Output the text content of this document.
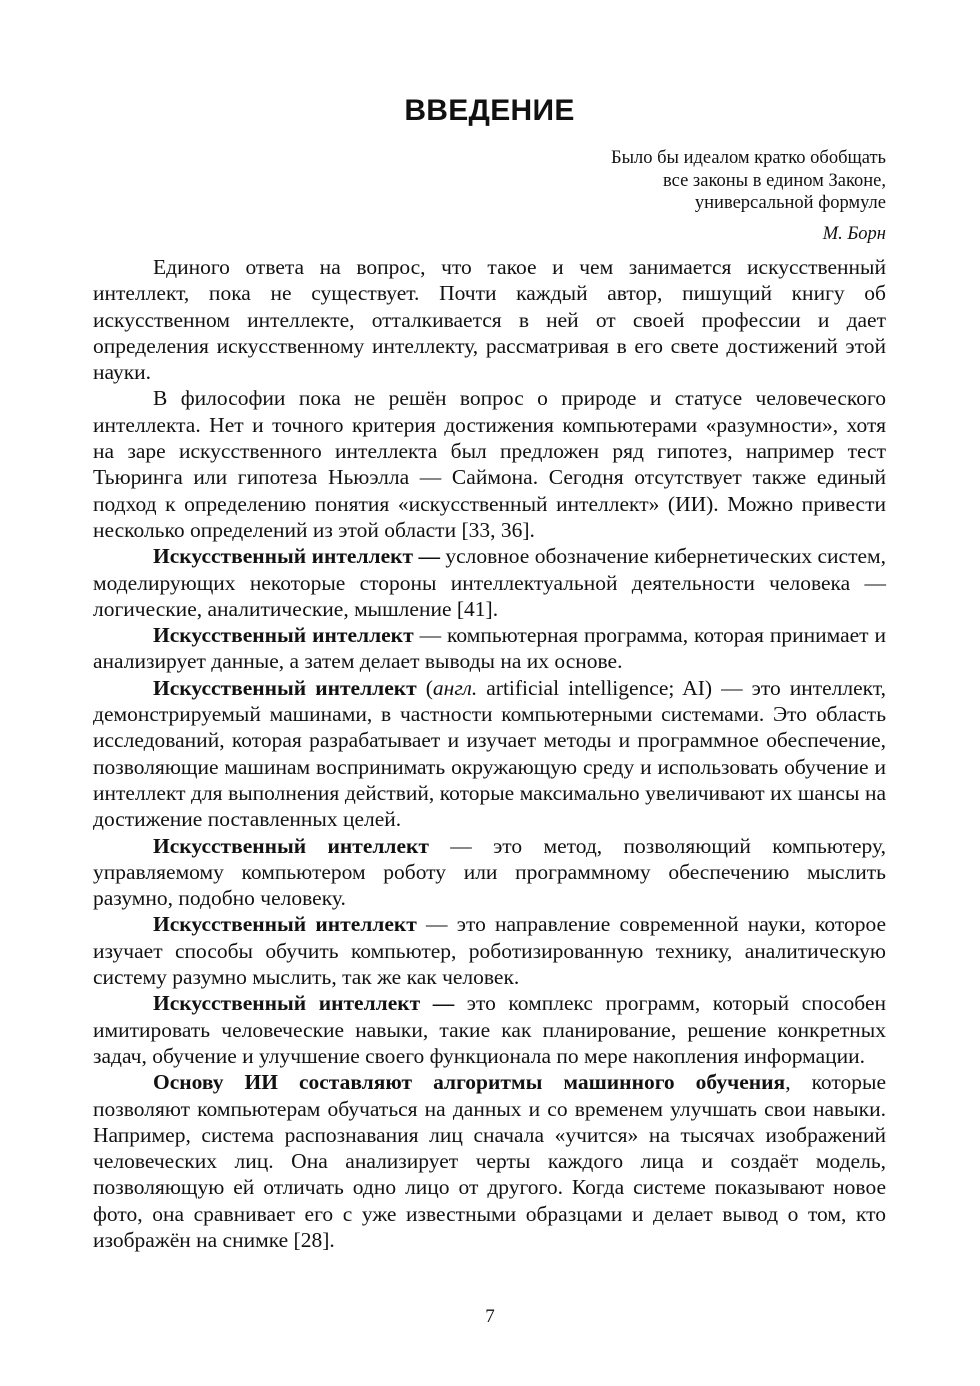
ВВЕДЕНИЕ
Было бы идеалом кратко обобщать
все законы в едином Законе,
универсальной формуле
М. Борн

Единого ответа на вопрос, что такое и чем занимается искусственный интеллект, пока не существует. Почти каждый автор, пишущий книгу об искусственном интеллекте, отталкивается в ней от своей профессии и дает определения искусственному интеллекту, рассматривая в его свете достижений этой науки.

В философии пока не решён вопрос о природе и статусе человеческого интеллекта. Нет и точного критерия достижения компьютерами «разумности», хотя на заре искусственного интеллекта был предложен ряд гипотез, например тест Тьюринга или гипотеза Ньюэлла — Саймона. Сегодня отсутствует также единый подход к определению понятия «искусственный интеллект» (ИИ). Можно привести несколько определений из этой области [33, 36].

Искусственный интеллект — условное обозначение кибернетических систем, моделирующих некоторые стороны интеллектуальной деятельности человека — логические, аналитические, мышление [41].

Искусственный интеллект — компьютерная программа, которая принимает и анализирует данные, а затем делает выводы на их основе.

Искусственный интеллект (англ. artificial intelligence; AI) — это интеллект, демонстрируемый машинами, в частности компьютерными системами. Это область исследований, которая разрабатывает и изучает методы и программное обеспечение, позволяющие машинам воспринимать окружающую среду и использовать обучение и интеллект для выполнения действий, которые максимально увеличивают их шансы на достижение поставленных целей.

Искусственный интеллект — это метод, позволяющий компьютеру, управляемому компьютером роботу или программному обеспечению мыслить разумно, подобно человеку.

Искусственный интеллект — это направление современной науки, которое изучает способы обучить компьютер, роботизированную технику, аналитическую систему разумно мыслить, так же как человек.

Искусственный интеллект — это комплекс программ, который способен имитировать человеческие навыки, такие как планирование, решение конкретных задач, обучение и улучшение своего функционала по мере накопления информации.

Основу ИИ составляют алгоритмы машинного обучения, которые позволяют компьютерам обучаться на данных и со временем улучшать свои навыки. Например, система распознавания лиц сначала «учится» на тысячах изображений человеческих лиц. Она анализирует черты каждого лица и создаёт модель, позволяющую ей отличать одно лицо от другого. Когда системе показывают новое фото, она сравнивает его с уже известными образцами и делает вывод о том, кто изображён на снимке [28].

7
